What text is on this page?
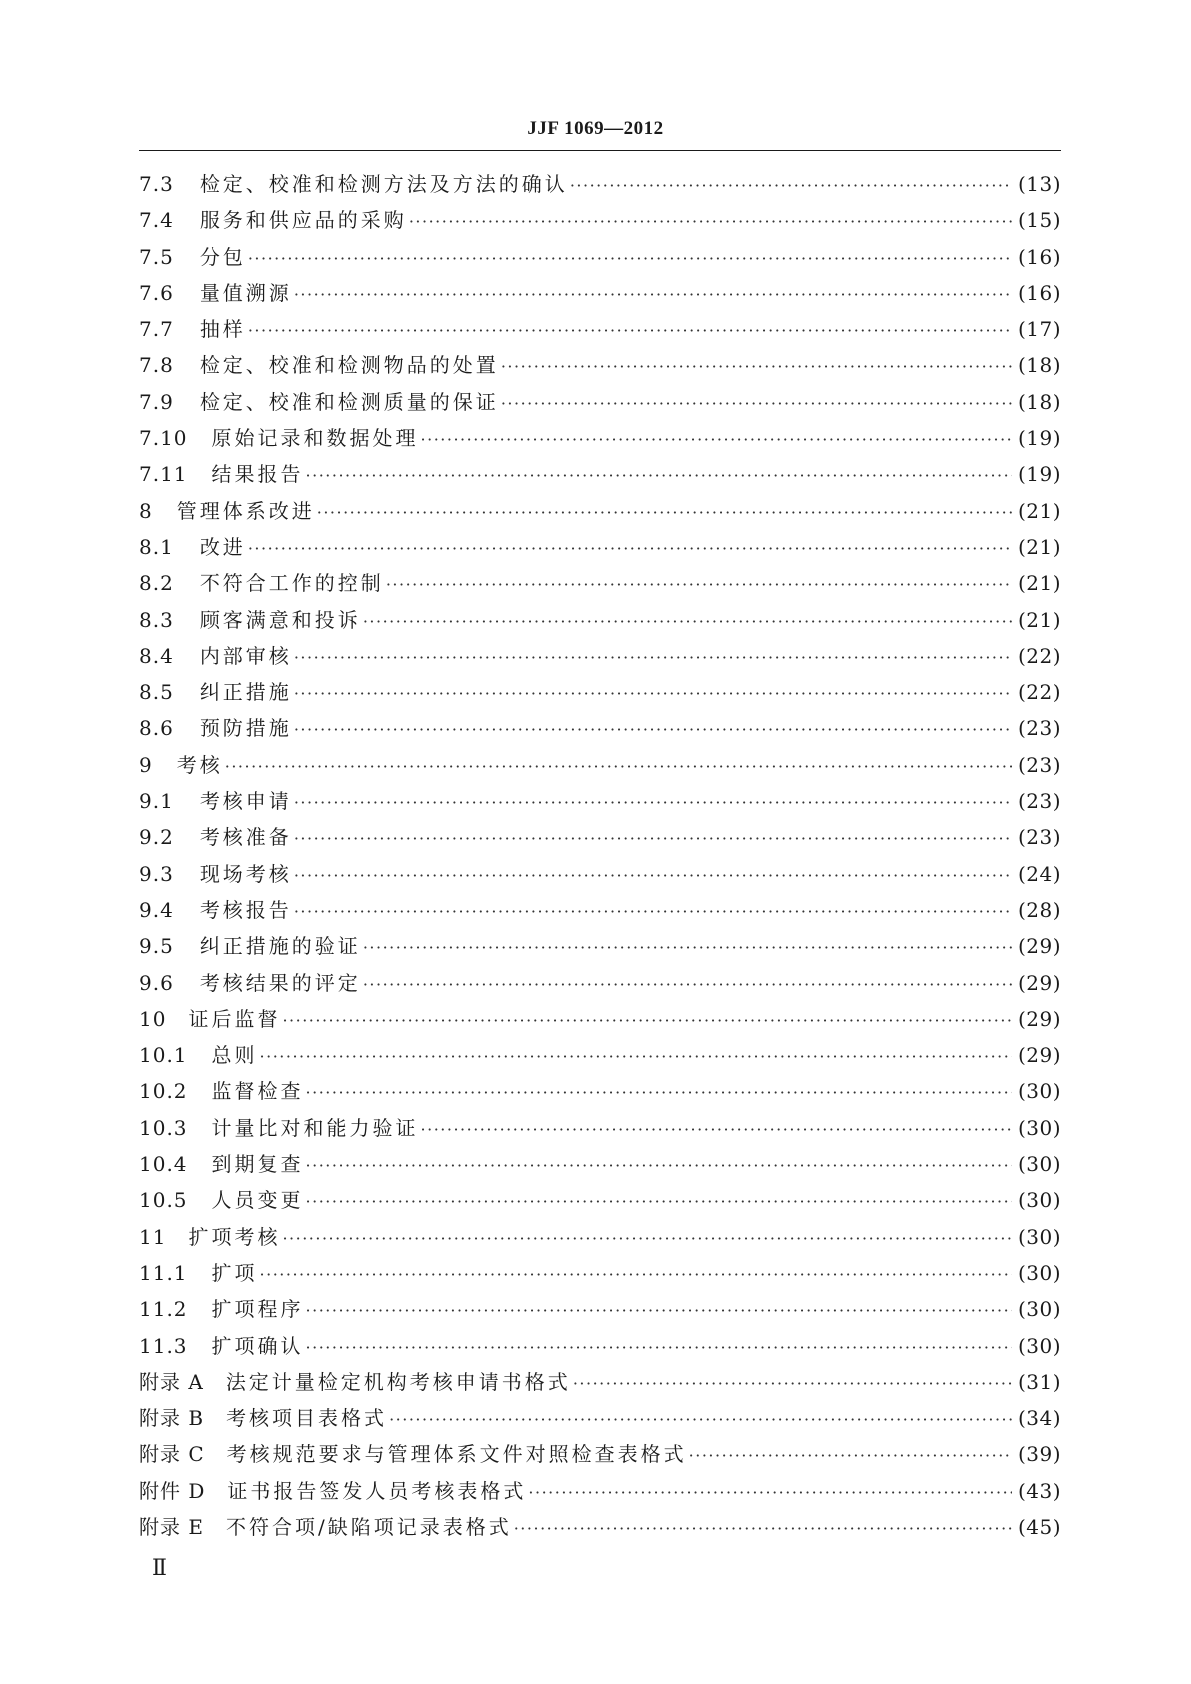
JJF 1069—2012
7.3 检定、校准和检测方法及方法的确认 ·····	(13)
7.4 服务和供应品的采购 ·····	(15)
7.5 分包 ·····	(16)
7.6 量值溯源 ·····	(16)
7.7 抽样 ·····	(17)
7.8 检定、校准和检测物品的处置 ·····	(18)
7.9 检定、校准和检测质量的保证 ·····	(18)
7.10 原始记录和数据处理 ·····	(19)
7.11 结果报告 ·····	(19)
8 管理体系改进 ·····	(21)
8.1 改进 ·····	(21)
8.2 不符合工作的控制 ·····	(21)
8.3 顾客满意和投诉 ·····	(21)
8.4 内部审核 ·····	(22)
8.5 纠正措施 ·····	(22)
8.6 预防措施 ·····	(23)
9 考核 ·····	(23)
9.1 考核申请 ·····	(23)
9.2 考核准备 ·····	(23)
9.3 现场考核 ·····	(24)
9.4 考核报告 ·····	(28)
9.5 纠正措施的验证 ·····	(29)
9.6 考核结果的评定 ·····	(29)
10 证后监督 ·····	(29)
10.1 总则 ·····	(29)
10.2 监督检查 ·····	(30)
10.3 计量比对和能力验证 ·····	(30)
10.4 到期复查 ·····	(30)
10.5 人员变更 ·····	(30)
11 扩项考核 ·····	(30)
11.1 扩项 ·····	(30)
11.2 扩项程序 ·····	(30)
11.3 扩项确认 ·····	(30)
附录 A 法定计量检定机构考核申请书格式 ·····	(31)
附录 B 考核项目表格式 ·····	(34)
附录 C 考核规范要求与管理体系文件对照检查表格式 ·····	(39)
附件 D 证书报告签发人员考核表格式 ·····	(43)
附录 E 不符合项/缺陷项记录表格式 ·····	(45)
Ⅱ
